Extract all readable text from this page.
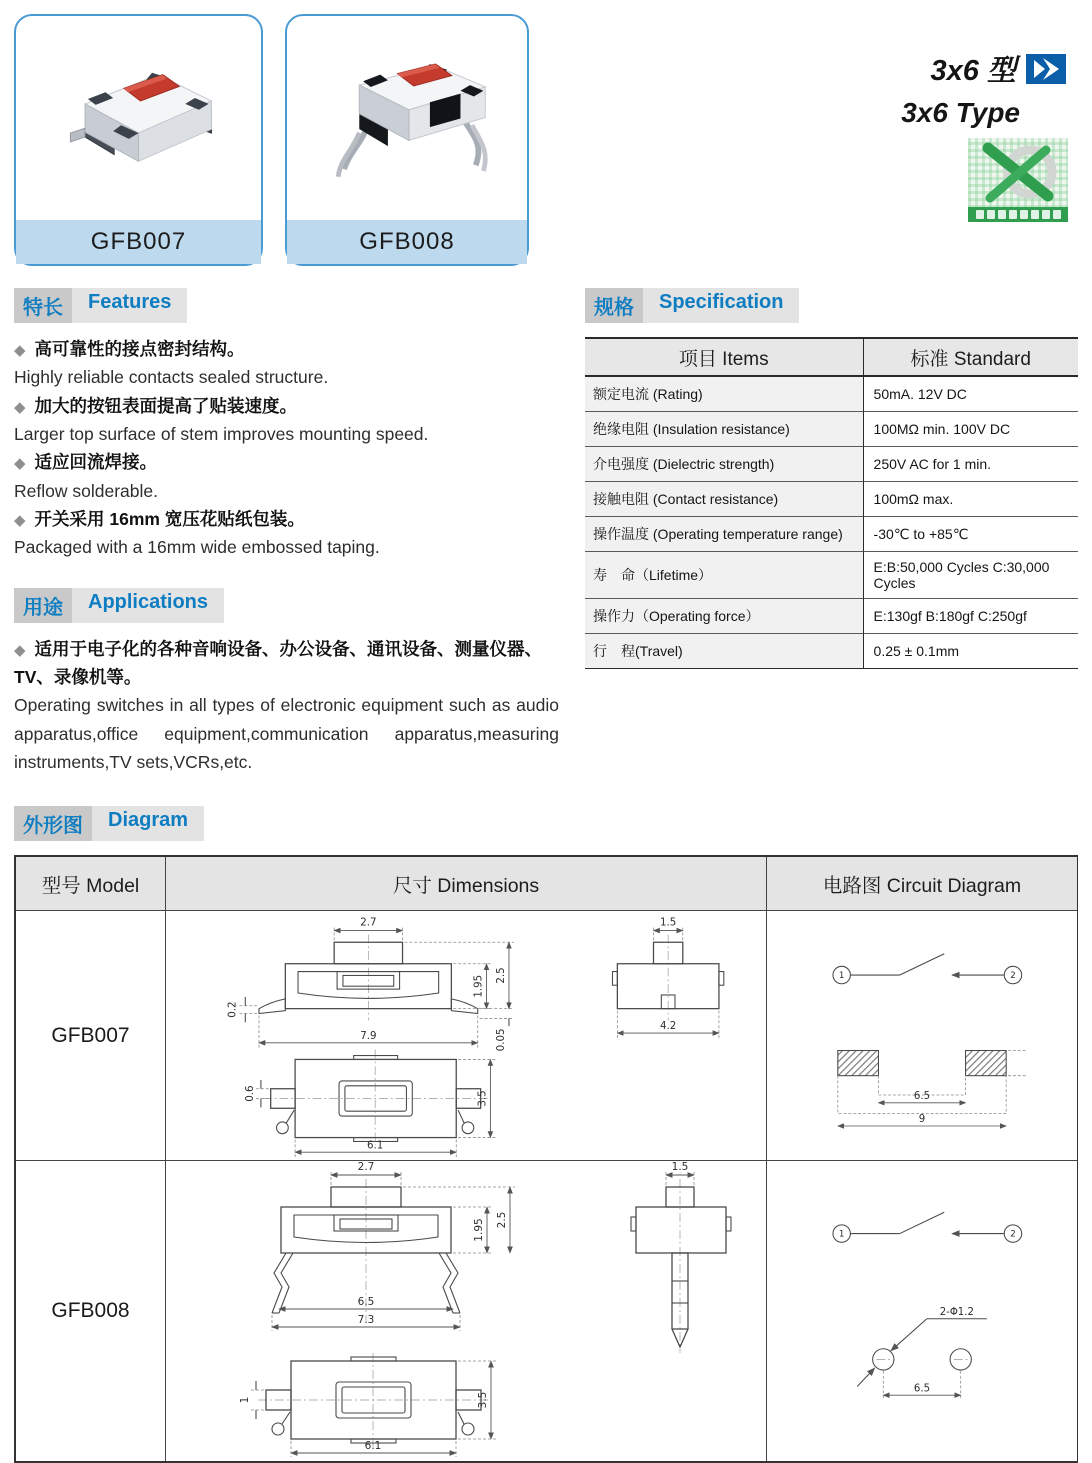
GFB007	GFB008
3x6 型
3x6 Type
特长	Features
◆ 高可靠性的接点密封结构。
Highly reliable contacts sealed structure.
◆ 加大的按钮表面提高了贴装速度。
Larger top surface of stem improves mounting speed.
◆ 适应回流焊接。
Reflow solderable.
◆ 开关采用 16mm 宽压花贴纸包装。
Packaged with a 16mm wide embossed taping.
用途	Applications
◆ 适用于电子化的各种音响设备、办公设备、通讯设备、测量仪器、TV、录像机等。
Operating switches in all types of electronic equipment such as audio apparatus,office equipment,communication apparatus,measuring instruments,TV sets,VCRs,etc.
规格	Specification
项目 Items	标准 Standard
额定电流 (Rating)	50mA. 12V DC
绝缘电阻 (Insulation resistance)	100MΩ min. 100V DC
介电强度 (Dielectric strength)	250V AC for 1 min.
接触电阻 (Contact resistance)	100mΩ max.
操作温度 (Operating temperature range)	-30℃ to +85℃
寿　命（Lifetime）	E:B:50,000 Cycles C:30,000 Cycles
操作力（Operating force）	E:130gf B:180gf C:250gf
行　程(Travel)	0.25 ± 0.1mm
外形图	Diagram
型号 Model	尺寸 Dimensions	电路图 Circuit Diagram
GFB007
2.7
0.2
7.9
1.95 2.5
0.05
1.5
4.2
0.6
6.1
3.5
1	2
6.5
9
GFB008
2.7
1.95 2.5
6.5
7.3
1.5
1
6.1
3.5
1	2
2-Φ1.2
6.5
